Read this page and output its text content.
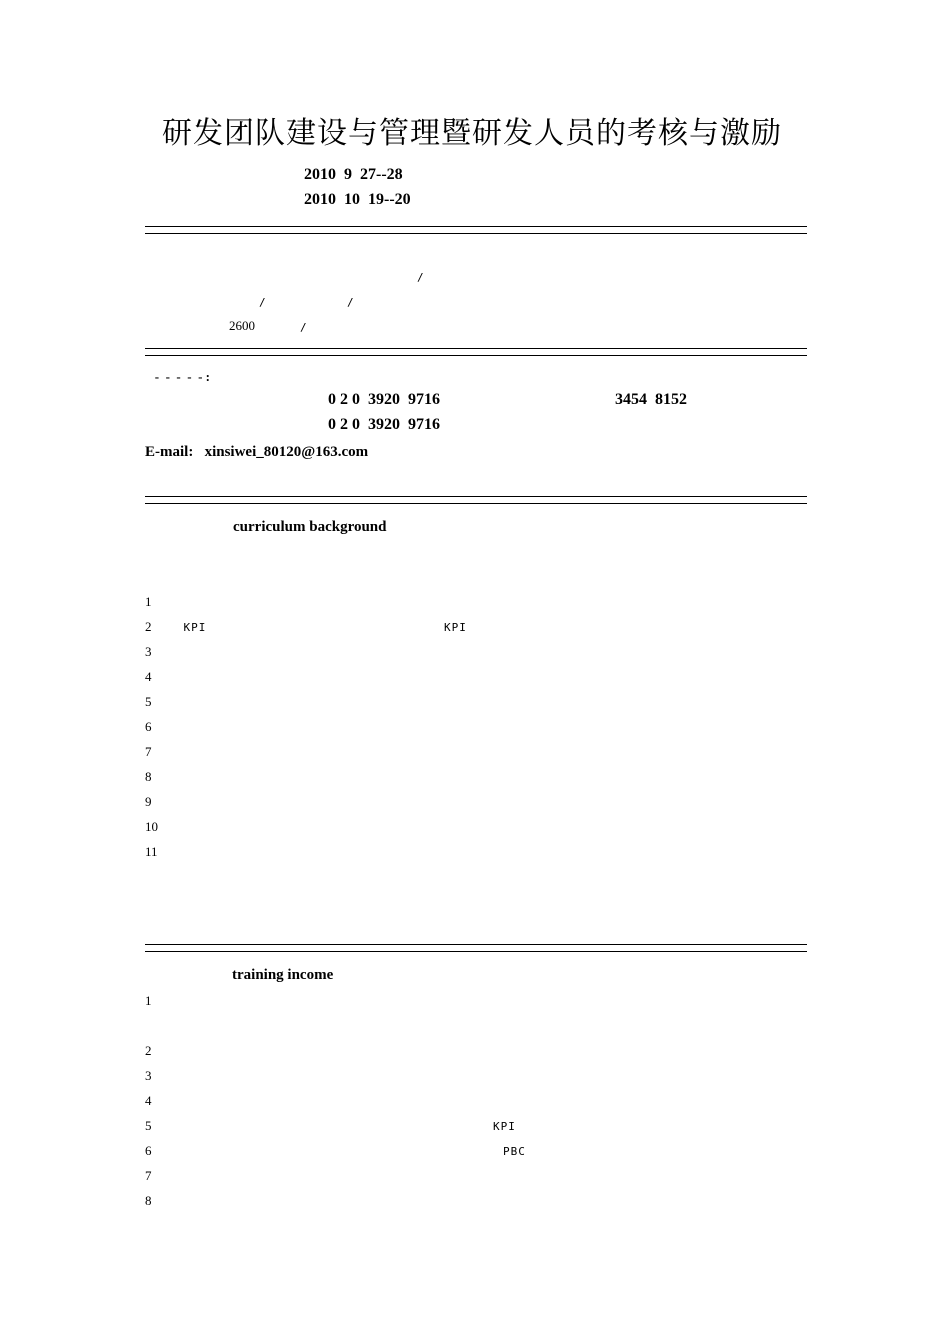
研发团队建设与管理暨研发人员的考核与激励
2010  9  27--28
2010  10  19--20

/

/	/

2600	/
-  -  -  -  - :

0 2 0  3920  9716	3454  8152

0 2 0  3920  9716
E-mail:   xinsiwei_80120@163.com

curriculum background

1

2 KPI	KPI
3

4

5

6

7

8

9

10

11

training income
1

2

3

4

5
	KPI
6
	PBC
7

8
